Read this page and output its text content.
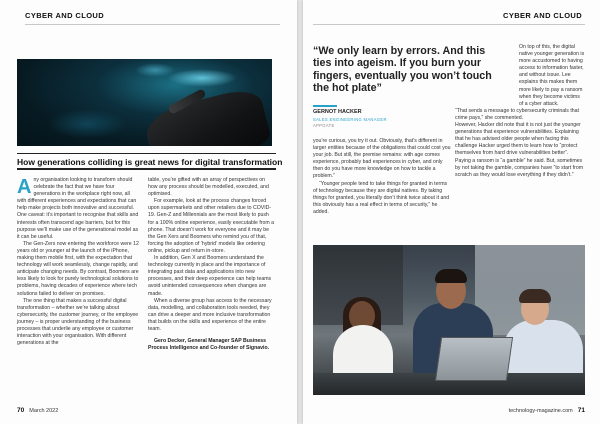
CYBER AND CLOUD
How generations colliding is great news for digital transformation

Any organisation looking to transform should celebrate the fact that we have four generations in the workplace right now, all with different experiences and expectations that can help make projects both innovative and successful. One caveat: it’s important to recognise that skills and interests often transcend age barriers, but for this purpose we’ll make use of the generational model as it can be useful.

The Gen-Zers now entering the workforce were 12 years old or younger at the launch of the iPhone, making them mobile first, with the expectation that technology will work seamlessly, change rapidly, and anticipate changing needs. By contrast, Boomers are less likely to look for purely technological solutions to problems, having decades of experience where tech solutions failed to deliver on promises.

The one thing that makes a successful digital transformation – whether we’re talking about cybersecurity, the customer journey, or the employee journey – is proper understanding of the business processes that underlie any employee or customer interaction with your organisation. With different generations at the

table, you’re gifted with an array of perspectives on how any process should be modelled, executed, and optimised.

For example, look at the process changes forced upon supermarkets and other retailers due to COVID-19. Gen-Z and Millennials are the most likely to push for a 100% online experience, easily executable from a phone. That doesn’t work for everyone and it may be the Gen Xers and Boomers who remind you of that, forcing the adoption of ‘hybrid’ models like ordering online, pickup and return in-store.

In addition, Gen X and Boomers understand the technology currently in place and the importance of integrating past data and applications into new processes, and their deep experience can help teams avoid unintended consequences when changes are made.

When a diverse group has access to the necessary data, modelling, and collaboration tools needed, they can drive a deeper and more inclusive transformation that builds on the skills and experience of the entire team.

Gero Decker, General Manager SAP Business Process Intelligence and Co-founder of Signavio.

70 March 2022
CYBER AND CLOUD
“We only learn by errors. And this ties into ageism. If you burn your fingers, eventually you won’t touch the hot plate”
GERNOT HACKER
SALES ENGINEERING MANAGER
APPGATE

you’re curious, you try it out. Obviously, that’s different in larger entities because of the obligations that could cost you your job. But still, the premise remains: with age comes experience, probably bad experiences in cyber, and only then do you have more knowledge on how to tackle a problem.”

“Younger people tend to take things for granted in terms of technology because they are digital natives. By taking things for granted, you literally don’t think twice about it and this obviously has a real effect in terms of security,” he added.

On top of this, the digital native younger generation is more accustomed to having access to information faster, and without issue. Lee explains this makes them more likely to pay a ransom when they become victims of a cyber attack.

“That sends a message to cybersecurity criminals that crime pays,” she commented.

However, Hacker did note that it is not just the younger generations that experience vulnerabilities. Explaining that he has advised older people when facing this challenge Hacker urged them to learn how to “protect themselves from hard drive vulnerabilities better”.

Paying a ransom is “a gamble” he said. But, sometimes by not taking the gamble, companies have “to start from scratch as they would lose everything if they didn’t.”

technology-magazine.com 71
